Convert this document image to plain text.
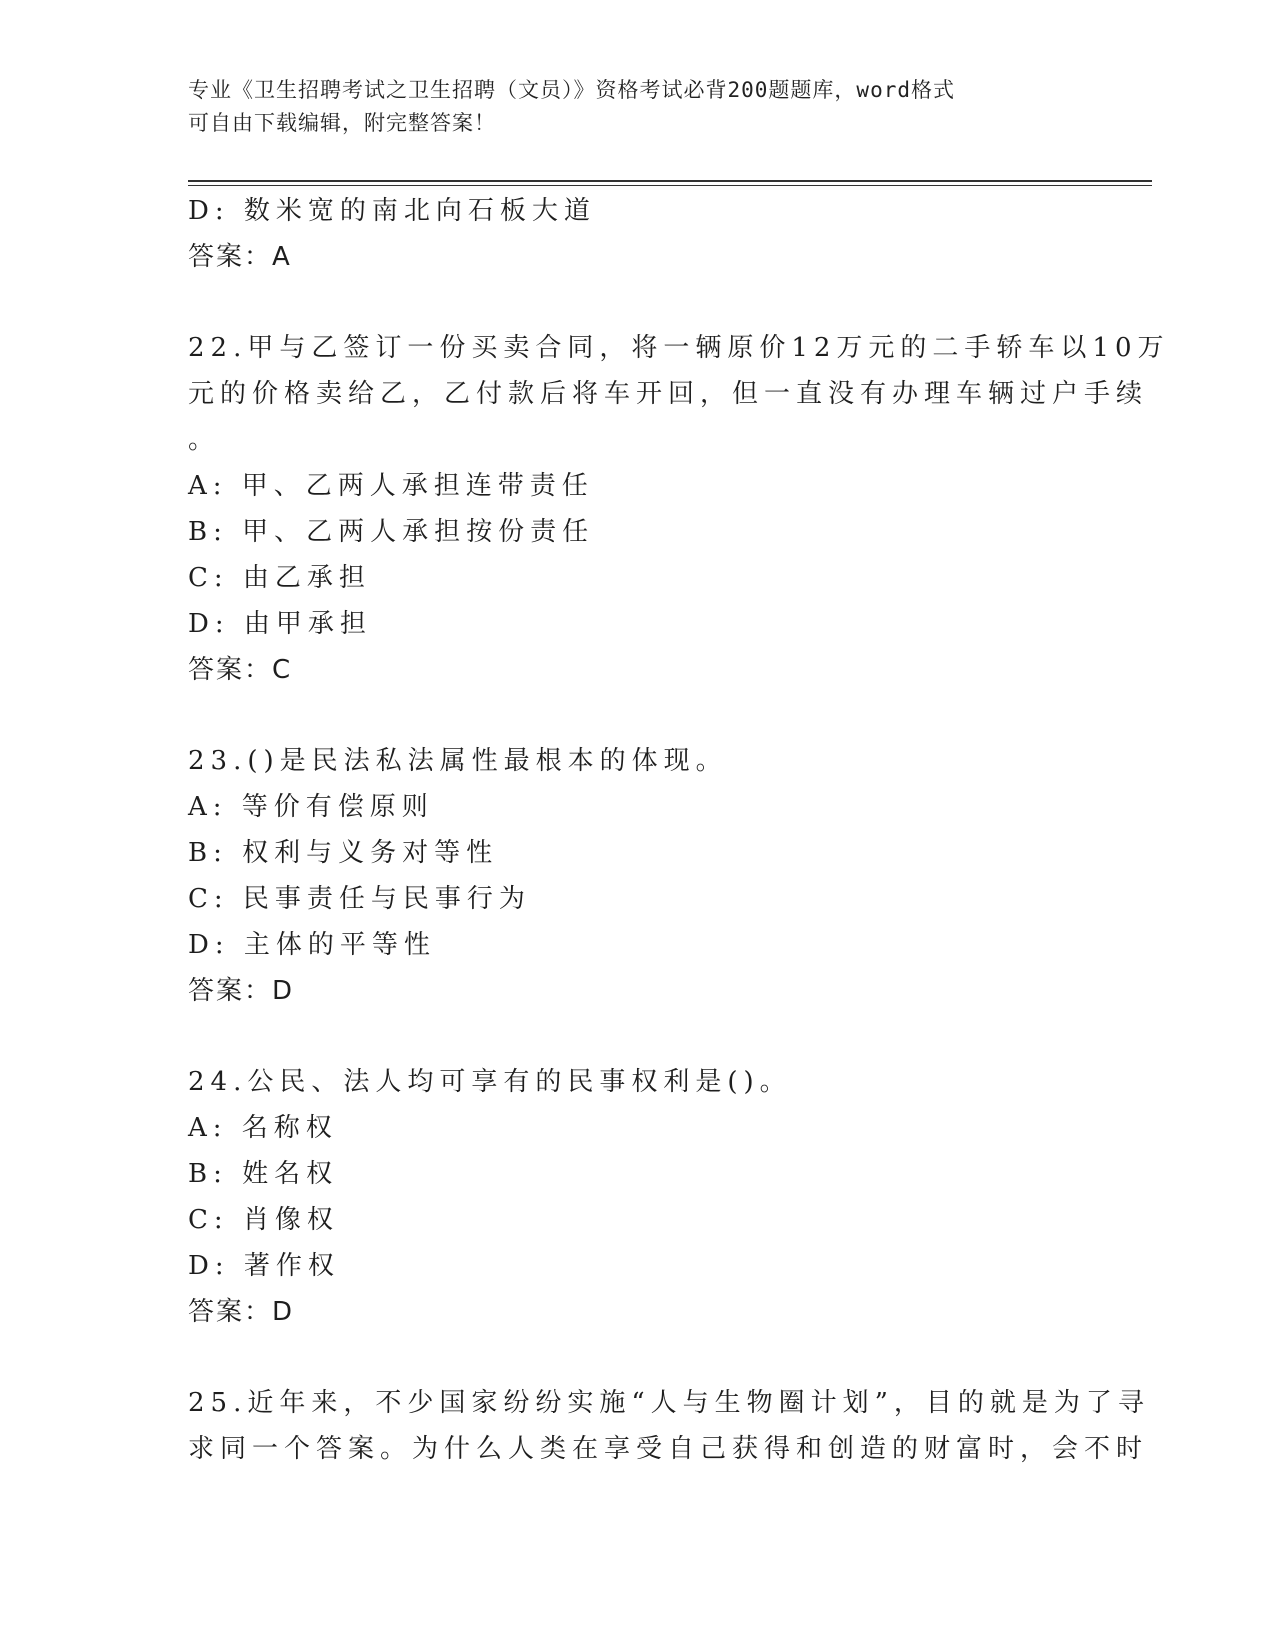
专业《卫生招聘考试之卫生招聘（文员）》资格考试必背200题题库，word格式
可自由下载编辑，附完整答案！
D: 数米宽的南北向石板大道
答案：A
22.甲与乙签订一份买卖合同，将一辆原价12万元的二手轿车以10万
元的价格卖给乙，乙付款后将车开回，但一直没有办理车辆过户手续
。
A: 甲、乙两人承担连带责任
B: 甲、乙两人承担按份责任
C: 由乙承担
D: 由甲承担
答案：C
23.()是民法私法属性最根本的体现。
A: 等价有偿原则
B: 权利与义务对等性
C: 民事责任与民事行为
D: 主体的平等性
答案：D
24.公民、法人均可享有的民事权利是()。
A: 名称权
B: 姓名权
C: 肖像权
D: 著作权
答案：D
25.近年来，不少国家纷纷实施“人与生物圈计划”，目的就是为了寻
求同一个答案。为什么人类在享受自己获得和创造的财富时，会不时
